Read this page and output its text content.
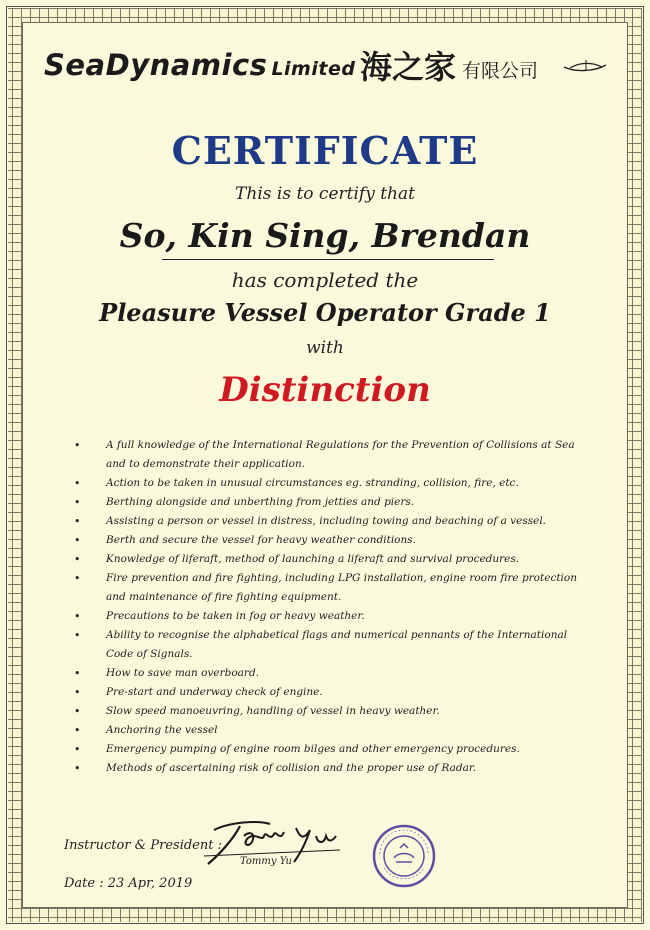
SeaDynamics Limited 海之家 有限公司
CERTIFICATE
This is to certify that
So, Kin Sing, Brendan
has completed the
Pleasure Vessel Operator Grade 1
with
Distinction
• A full knowledge of the International Regulations for the Prevention of Collisions at Sea and to demonstrate their application.
• Action to be taken in unusual circumstances eg. stranding, collision, fire, etc.
• Berthing alongside and unberthing from jetties and piers.
• Assisting a person or vessel in distress, including towing and beaching of a vessel.
• Berth and secure the vessel for heavy weather conditions.
• Knowledge of liferaft, method of launching a liferaft and survival procedures.
• Fire prevention and fire fighting, including LPG installation, engine room fire protection and maintenance of fire fighting equipment.
• Precautions to be taken in fog or heavy weather.
• Ability to recognise the alphabetical flags and numerical pennants of the International Code of Signals.
• How to save man overboard.
• Pre-start and underway check of engine.
• Slow speed manoeuvring, handling of vessel in heavy weather.
• Anchoring the vessel
• Emergency pumping of engine room bilges and other emergency procedures.
• Methods of ascertaining risk of collision and the proper use of Radar.
Instructor & President :
Tommy Yu
Date : 23 Apr, 2019
